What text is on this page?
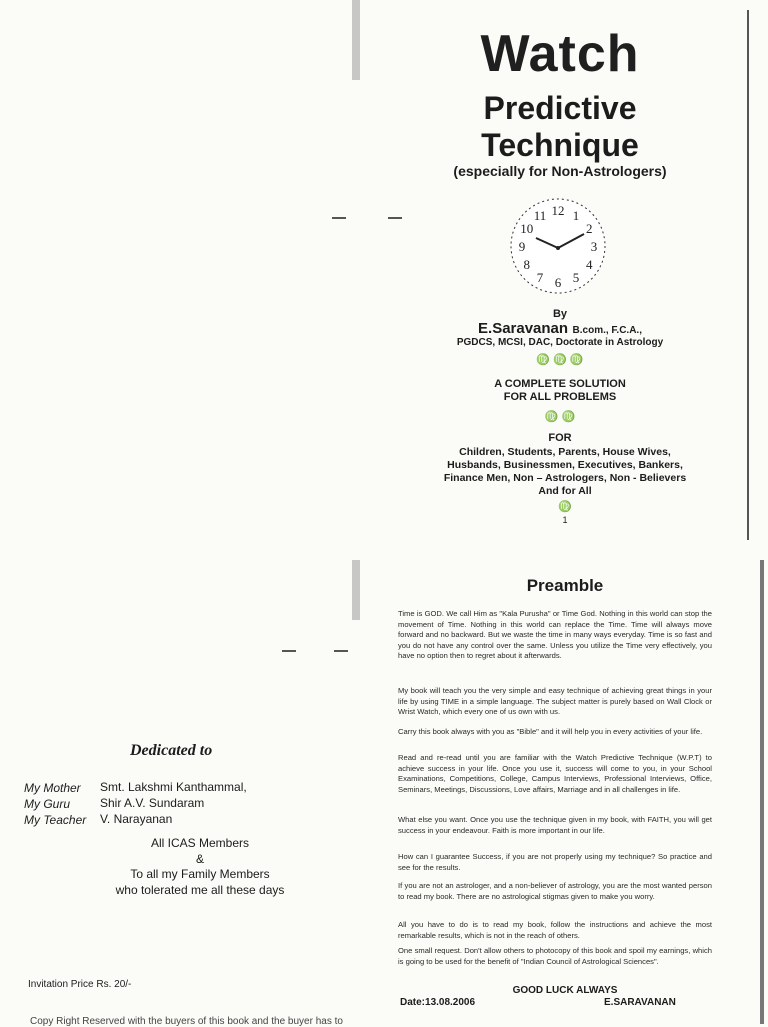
Watch
Predictive
Technique
(especially for Non-Astrologers)
12 1
2
3
4
5
6
7
8
9
10
11
By
E.Saravanan B.com., F.C.A.,
PGDCS, MCSI, DAC, Doctorate in Astrology
♍ ♍ ♍
A COMPLETE SOLUTION
FOR ALL PROBLEMS
♍ ♍
FOR
Children, Students, Parents, House Wives,
Husbands, Businessmen, Executives, Bankers,
Finance Men, Non – Astrologers, Non - Believers
And for All
♍
1
Dedicated to
My Mother Smt. Lakshmi Kanthammal,
My Guru Shir A.V. Sundaram
My Teacher V. Narayanan
All ICAS Members
&
To all my Family Members
who tolerated me all these days
Invitation Price Rs. 20/-
Copy Right Reserved with the buyers of this book and the buyer has to
Preamble
Time is GOD. We call Him as "Kala Purusha" or Time God. Nothing in this world can stop the movement of Time. Nothing in this world can replace the Time. Time will always move forward and no backward. But we waste the time in many ways everyday. Time is so fast and you do not have any control over the same. Unless you utilize the Time very effectively, you have no option then to regret about it afterwards.
My book will teach you the very simple and easy technique of achieving great things in your life by using TIME in a simple language. The subject matter is purely based on Wall Clock or Wrist Watch, which every one of us own with us.
Carry this book always with you as "Bible" and it will help you in every activities of your life.
Read and re-read until you are familiar with the Watch Predictive Technique (W.P.T) to achieve success in your life. Once you use it, success will come to you, in your School Examinations, Competitions, College, Campus Interviews, Professional Interviews, Office, Seminars, Meetings, Discussions, Love affairs, Marriage and in all challenges in life.
What else you want. Once you use the technique given in my book, with FAITH, you will get success in your endeavour. Faith is more important in our life.
How can I guarantee Success, if you are not properly using my technique? So practice and see for the results.
If you are not an astrologer, and a non-believer of astrology, you are the most wanted person to read my book. There are no astrological stigmas given to make you worry.
All you have to do is to read my book, follow the instructions and achieve the most remarkable results, which is not in the reach of others.
One small request. Don't allow others to photocopy of this book and spoil my earnings, which is going to be used for the benefit of "Indian Council of Astrological Sciences".
GOOD LUCK ALWAYS
Date:13.08.2006	E.SARAVANAN
